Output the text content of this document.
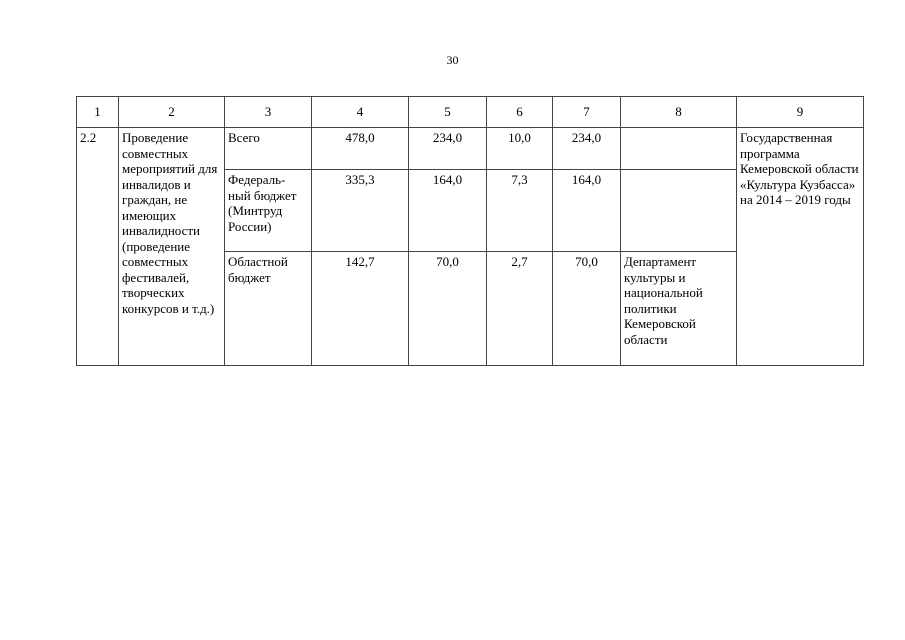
30
1	2	3	4	5	6	7	8	9
2.2	Проведение совместных мероприятий для инвалидов и граждан, не имеющих инвалидности (проведение совместных фестивалей, творческих конкурсов и т.д.)	Всего	478,0	234,0	10,0	234,0		Государственная программа Кемеровской области «Культура Кузбасса» на 2014 – 2019 годы
		Федераль-ный бюджет (Минтруд России)	335,3	164,0	7,3	164,0		
		Областной бюджет	142,7	70,0	2,7	70,0	Департамент культуры и национальной политики Кемеровской области	
